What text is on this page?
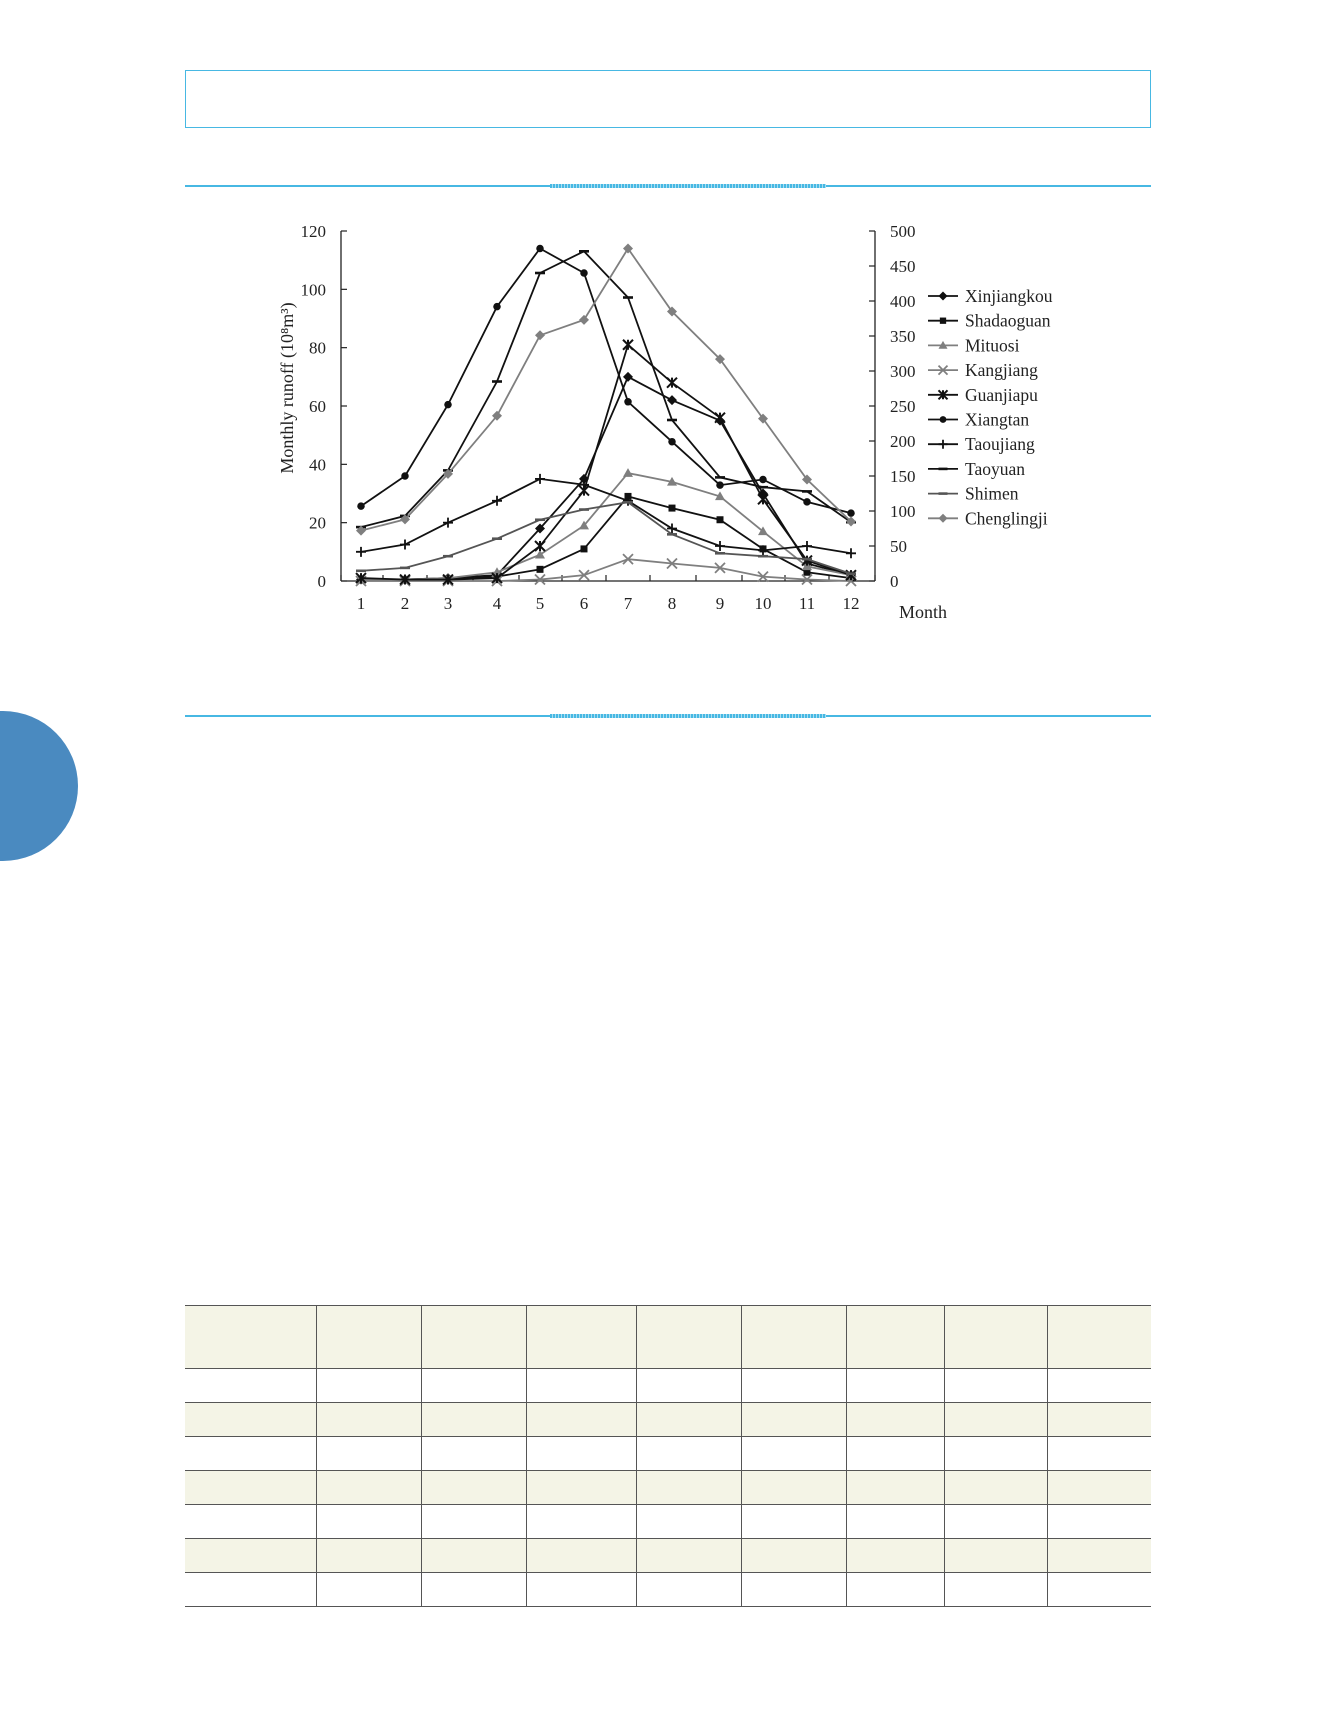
0
20
40
60
80
100
120
0
50
100
150
200
250
300
350
400
450
500
1 2 3 4 5 6 7 8 9 10 11 12
Xinjiangkou
Shadaoguan
Mituosi
Kangjiang
Guanjiapu
Xiangtan
Taoujiang
Taoyuan
Shimen
Chenglingji
Monthly runoff (10⁸m³)
Month
